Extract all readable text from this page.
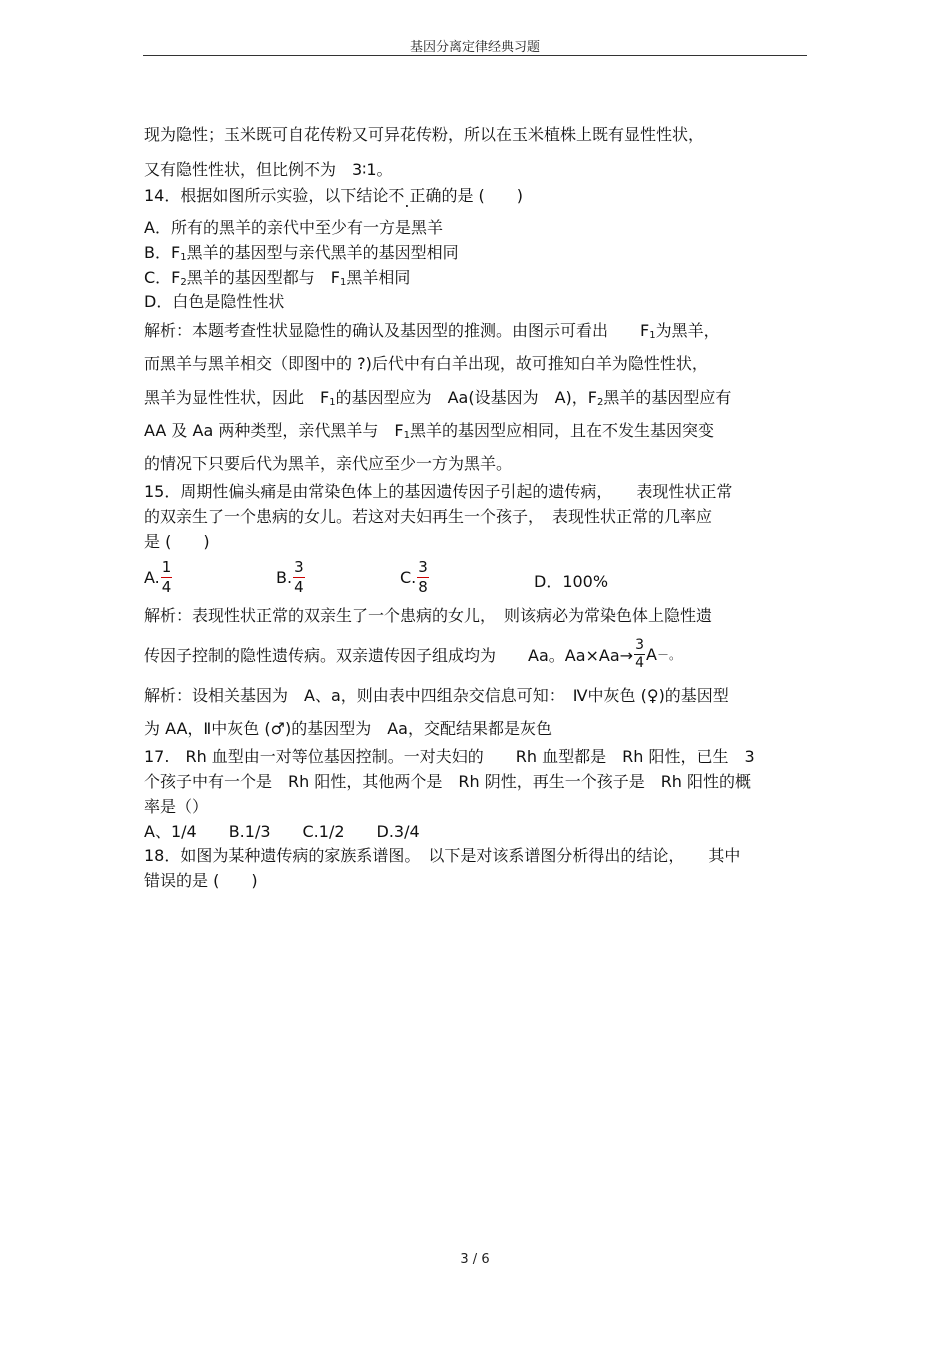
基因分离定律经典习题
现为隐性；玉米既可自花传粉又可异花传粉，所以在玉米植株上既有显性性状，
又有隐性性状，但比例不为　3∶1。
14．根据如图所示实验，以下结论不.正确的是 (　　)
A．所有的黑羊的亲代中至少有一方是黑羊
B．F1黑羊的基因型与亲代黑羊的基因型相同
C．F2黑羊的基因型都与　F1黑羊相同
D．白色是隐性性状
解析：本题考查性状显隐性的确认及基因型的推测。由图示可看出　　F1为黑羊，
而黑羊与黑羊相交（即图中的 ?)后代中有白羊出现，故可推知白羊为隐性性状，
黑羊为显性性状，因此　F1的基因型应为　Aa(设基因为　A)，F2黑羊的基因型应有
AA 及 Aa 两种类型，亲代黑羊与　F1黑羊的基因型应相同，且在不发生基因突变
的情况下只要后代为黑羊，亲代应至少一方为黑羊。
15．周期性偏头痛是由常染色体上的基因遗传因子引起的遗传病，　　表现性状正常
的双亲生了一个患病的女儿。若这对夫妇再生一个孩子，　表现性状正常的几率应
是 (　　)
A. $\frac{1}{4}$	B. $\frac{3}{4}$	C. $\frac{3}{8}$	D．100%
解析：表现性状正常的双亲生了一个患病的女儿，　则该病必为常染色体上隐性遗
传因子控制的隐性遗传病。双亲遗传因子组成均为　　Aa。$Aa\times Aa\to \frac{3}{4} A-$。
解析：设相关基因为　A、a，则由表中四组杂交信息可知：　Ⅳ中灰色 (♀)的基因型
为 AA，Ⅱ中灰色 (♂)的基因型为　Aa，交配结果都是灰色
17.　Rh 血型由一对等位基因控制。一对夫妇的　　Rh 血型都是　Rh 阳性，已生　3
个孩子中有一个是　Rh 阳性，其他两个是　Rh 阴性，再生一个孩子是　Rh 阳性的概
率是（）
A、1/4　　B.1/3　　C.1/2　　D.3/4
18．如图为某种遗传病的家族系谱图。　以下是对该系谱图分析得出的结论，　　其中
错误的是 (　　)
3 / 6
